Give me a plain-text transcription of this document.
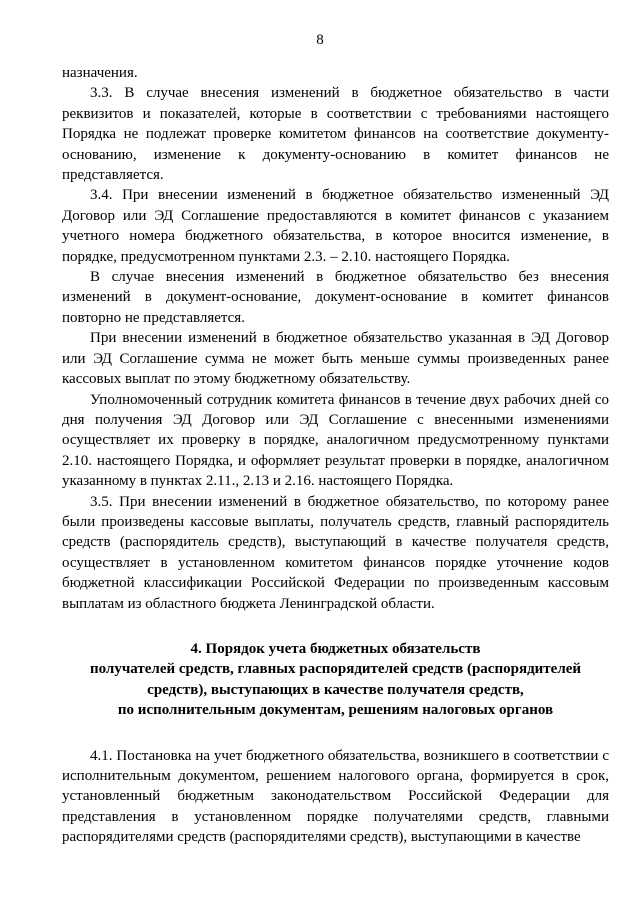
8

назначения.

3.3. В случае внесения изменений в бюджетное обязательство в части реквизитов и показателей, которые в соответствии с требованиями настоящего Порядка не подлежат проверке комитетом финансов на соответствие документу-основанию, изменение к документу-основанию в комитет финансов не представляется.

3.4. При внесении изменений в бюджетное обязательство измененный ЭД Договор или ЭД Соглашение предоставляются в комитет финансов с указанием учетного номера бюджетного обязательства, в которое вносится изменение, в порядке, предусмотренном пунктами 2.3. – 2.10. настоящего Порядка.

В случае внесения изменений в бюджетное обязательство без внесения изменений в документ-основание, документ-основание в комитет финансов повторно не представляется.

При внесении изменений в бюджетное обязательство указанная в ЭД Договор или ЭД Соглашение сумма не может быть меньше суммы произведенных ранее кассовых выплат по этому бюджетному обязательству.

Уполномоченный сотрудник комитета финансов в течение двух рабочих дней со дня получения ЭД Договор или ЭД Соглашение с внесенными изменениями осуществляет их проверку в порядке, аналогичном предусмотренному пунктами 2.10. настоящего Порядка, и оформляет результат проверки в порядке, аналогичном указанному в пунктах 2.11., 2.13 и 2.16. настоящего Порядка.

3.5. При внесении изменений в бюджетное обязательство, по которому ранее были произведены кассовые выплаты, получатель средств, главный распорядитель средств (распорядитель средств), выступающий в качестве получателя средств, осуществляет в установленном комитетом финансов порядке уточнение кодов бюджетной классификации Российской Федерации по произведенным кассовым выплатам из областного бюджета Ленинградской области.

4. Порядок учета бюджетных обязательств
получателей средств, главных распорядителей средств (распорядителей
средств), выступающих в качестве получателя средств,
по исполнительным документам, решениям налоговых органов

4.1. Постановка на учет бюджетного обязательства, возникшего в соответствии с исполнительным документом, решением налогового органа, формируется в срок, установленный бюджетным законодательством Российской Федерации для представления в установленном порядке получателями средств, главными распорядителями средств (распорядителями средств), выступающими в качестве
